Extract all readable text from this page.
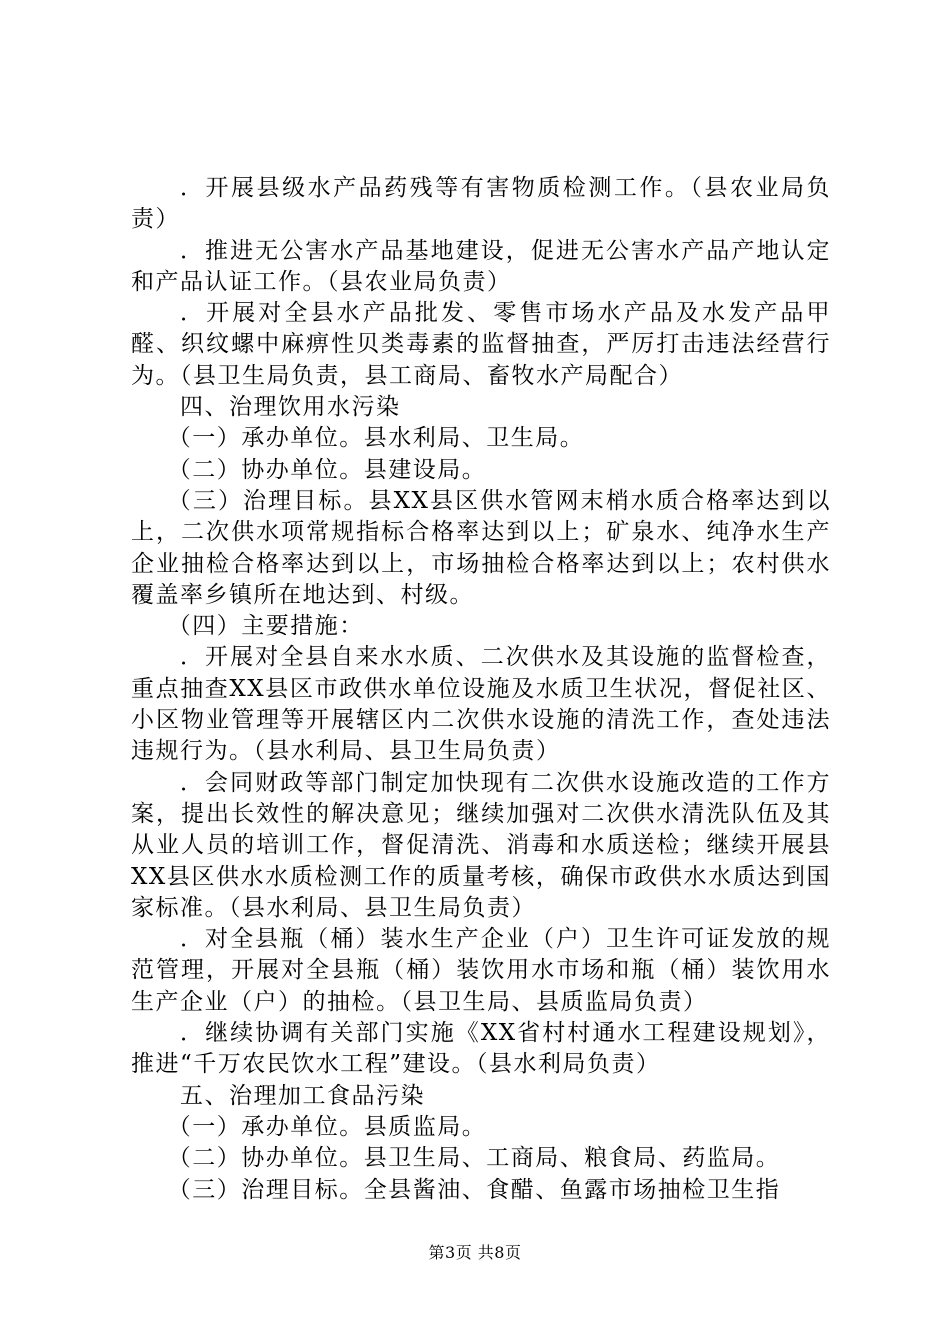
．开展县级水产品药残等有害物质检测工作。（县农业局负责）

．推进无公害水产品基地建设，促进无公害水产品产地认定和产品认证工作。（县农业局负责）

．开展对全县水产品批发、零售市场水产品及水发产品甲醛、织纹螺中麻痹性贝类毒素的监督抽查，严厉打击违法经营行为。（县卫生局负责，县工商局、畜牧水产局配合）

四、治理饮用水污染

（一）承办单位。县水利局、卫生局。

（二）协办单位。县建设局。

（三）治理目标。县XX县区供水管网末梢水质合格率达到以上，二次供水项常规指标合格率达到以上；矿泉水、纯净水生产企业抽检合格率达到以上，市场抽检合格率达到以上；农村供水覆盖率乡镇所在地达到、村级。

（四）主要措施：

．开展对全县自来水水质、二次供水及其设施的监督检查，重点抽查XX县区市政供水单位设施及水质卫生状况，督促社区、小区物业管理等开展辖区内二次供水设施的清洗工作，查处违法违规行为。（县水利局、县卫生局负责）

．会同财政等部门制定加快现有二次供水设施改造的工作方案，提出长效性的解决意见；继续加强对二次供水清洗队伍及其从业人员的培训工作，督促清洗、消毒和水质送检；继续开展县XX县区供水水质检测工作的质量考核，确保市政供水水质达到国家标准。（县水利局、县卫生局负责）

．对全县瓶（桶）装水生产企业（户）卫生许可证发放的规范管理，开展对全县瓶（桶）装饮用水市场和瓶（桶）装饮用水生产企业（户）的抽检。（县卫生局、县质监局负责）

．继续协调有关部门实施《XX省村村通水工程建设规划》，推进“千万农民饮水工程”建设。（县水利局负责）

五、治理加工食品污染

（一）承办单位。县质监局。

（二）协办单位。县卫生局、工商局、粮食局、药监局。

（三）治理目标。全县酱油、食醋、鱼露市场抽检卫生指

第3页 共8页
